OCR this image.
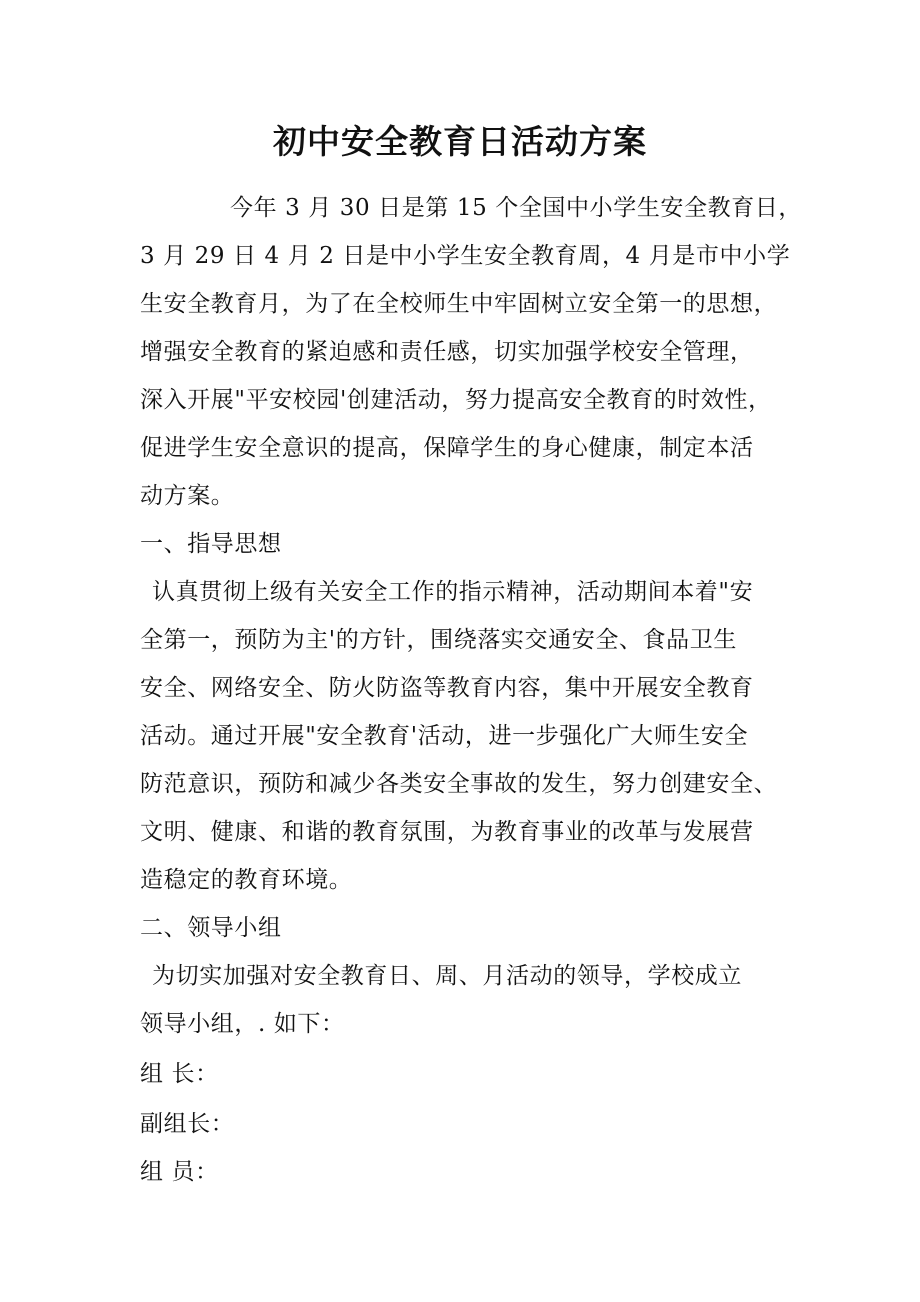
初中安全教育日活动方案
今年 3 月 30 日是第 15 个全国中小学生安全教育日，
3 月 29 日 4 月 2 日是中小学生安全教育周，4 月是市中小学
生安全教育月，为了在全校师生中牢固树立安全第一的思想，
增强安全教育的紧迫感和责任感，切实加强学校安全管理，
深入开展"平安校园'创建活动，努力提高安全教育的时效性，
促进学生安全意识的提高，保障学生的身心健康，制定本活
动方案。
一、指导思想
认真贯彻上级有关安全工作的指示精神，活动期间本着"安
全第一，预防为主'的方针，围绕落实交通安全、食品卫生
安全、网络安全、防火防盗等教育内容，集中开展安全教育
活动。通过开展"安全教育'活动，进一步强化广大师生安全
防范意识，预防和减少各类安全事故的发生，努力创建安全、
文明、健康、和谐的教育氛围，为教育事业的改革与发展营
造稳定的教育环境。
二、领导小组
为切实加强对安全教育日、周、月活动的领导，学校成立
领导小组，. 如下：
组 长：
副组长：
组 员：
